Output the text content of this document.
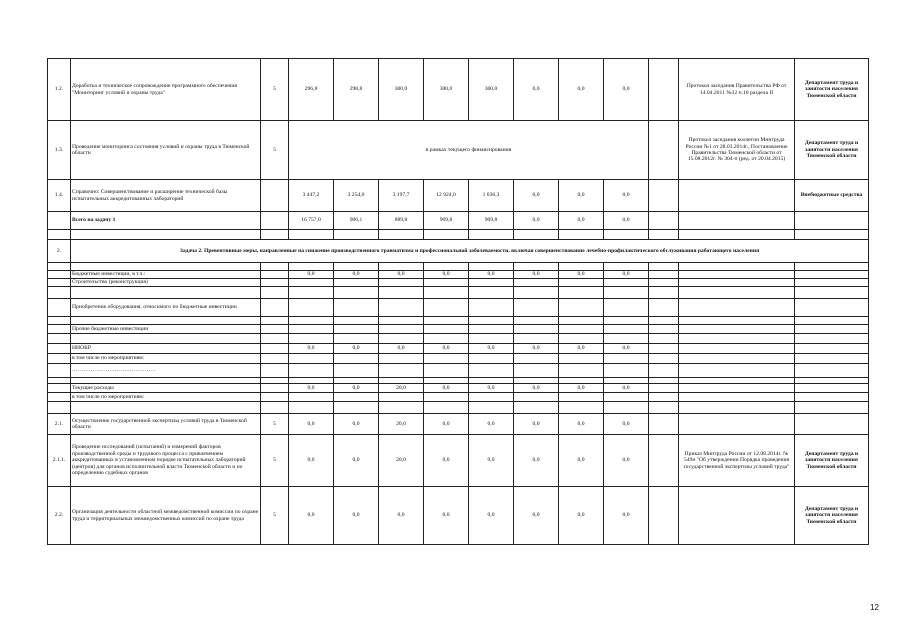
1.2.	Доработка и техническое сопровождение программного обеспечения "Мониторинг условий и охраны труда"	5	296,8	298,8	300,0	300,0	300,0	0,0	0,0	0,0		Протокол заседания Правительства РФ от 14.04.2011 №12 п.10 раздела II	Департамент труда и занятости населения Тюменской области
1.3.	Проведение мониторинга состояния условий и охраны труда в Тюменской области	5	в рамках текущего финансирования									Протокол заседания коллегии Минтруда России №1 от 28.03.2014г., Постановление Правительства Тюменской области от 15.08.2012г. № 304-п (ред. от 20.04.2015)	Департамент труда и занятости населения Тюменской области
1.4.	Справочно: Совершенствование и расширение технической базы испытательных аккредитованных лабораторий		3 447,2	3 254,0	3 197,7	12 924,0	1 036,3	0,0	0,0	0,0			Внебюджетные средства
	Всего на задачу 1		16 757,0	906,1	889,8	909,8	909,8	0,0	0,0	0,0			

2.	Задача 2. Превентивные меры, направленные на снижение производственного травматизма и профессиональной заболеваемости, включая совершенствование лечебно-профилактического обслуживания работающего населения												

	Бюджетные инвестиции, в т.ч.:		0,0	0,0	0,0	0,0	0,0	0,0	0,0	0,0			
	Строительство (реконструкция)												

	Приобретение оборудования, относимого по бюджетные инвестиции												

	Прочие бюджетные инвестиции												

	НИОКР		0,0	0,0	0,0	0,0	0,0	0,0	0,0	0,0			
	в том числе по мероприятиям:												
	………………………………………												

	Текущие расходы		0,0	0,0	20,0	0,0	0,0	0,0	0,0	0,0			
	в том числе по мероприятиям:												

2.1.	Осуществление государственной экспертизы условий труда в Тюменской области	5	0,0	0,0	20,0	0,0	0,0	0,0	0,0	0,0			
2.1.1.	Проведение исследований (испытаний) и измерений факторов производственной среды и трудового процесса с привлечением аккредитованных в установленном порядке испытательных лабораторий (центров) для органов исполнительной власти Тюменской области и по определению судебных органов	5	0,0	0,0	20,0	0,0	0,0	0,0	0,0	0,0		Приказ Минтруда России от 12.08.2014г. № 549н "Об утверждении Порядка проведения государственной экспертизы условий труда"	Департамент труда и занятости населения Тюменской области
2.2.	Организация деятельности областной межведомственной комиссии по охране труда и территориальных межведомственных комиссий по охране труда	5	0,0	0,0	0,0	0,0	0,0	0,0	0,0	0,0			Департамент труда и занятости населения Тюменской области
12
